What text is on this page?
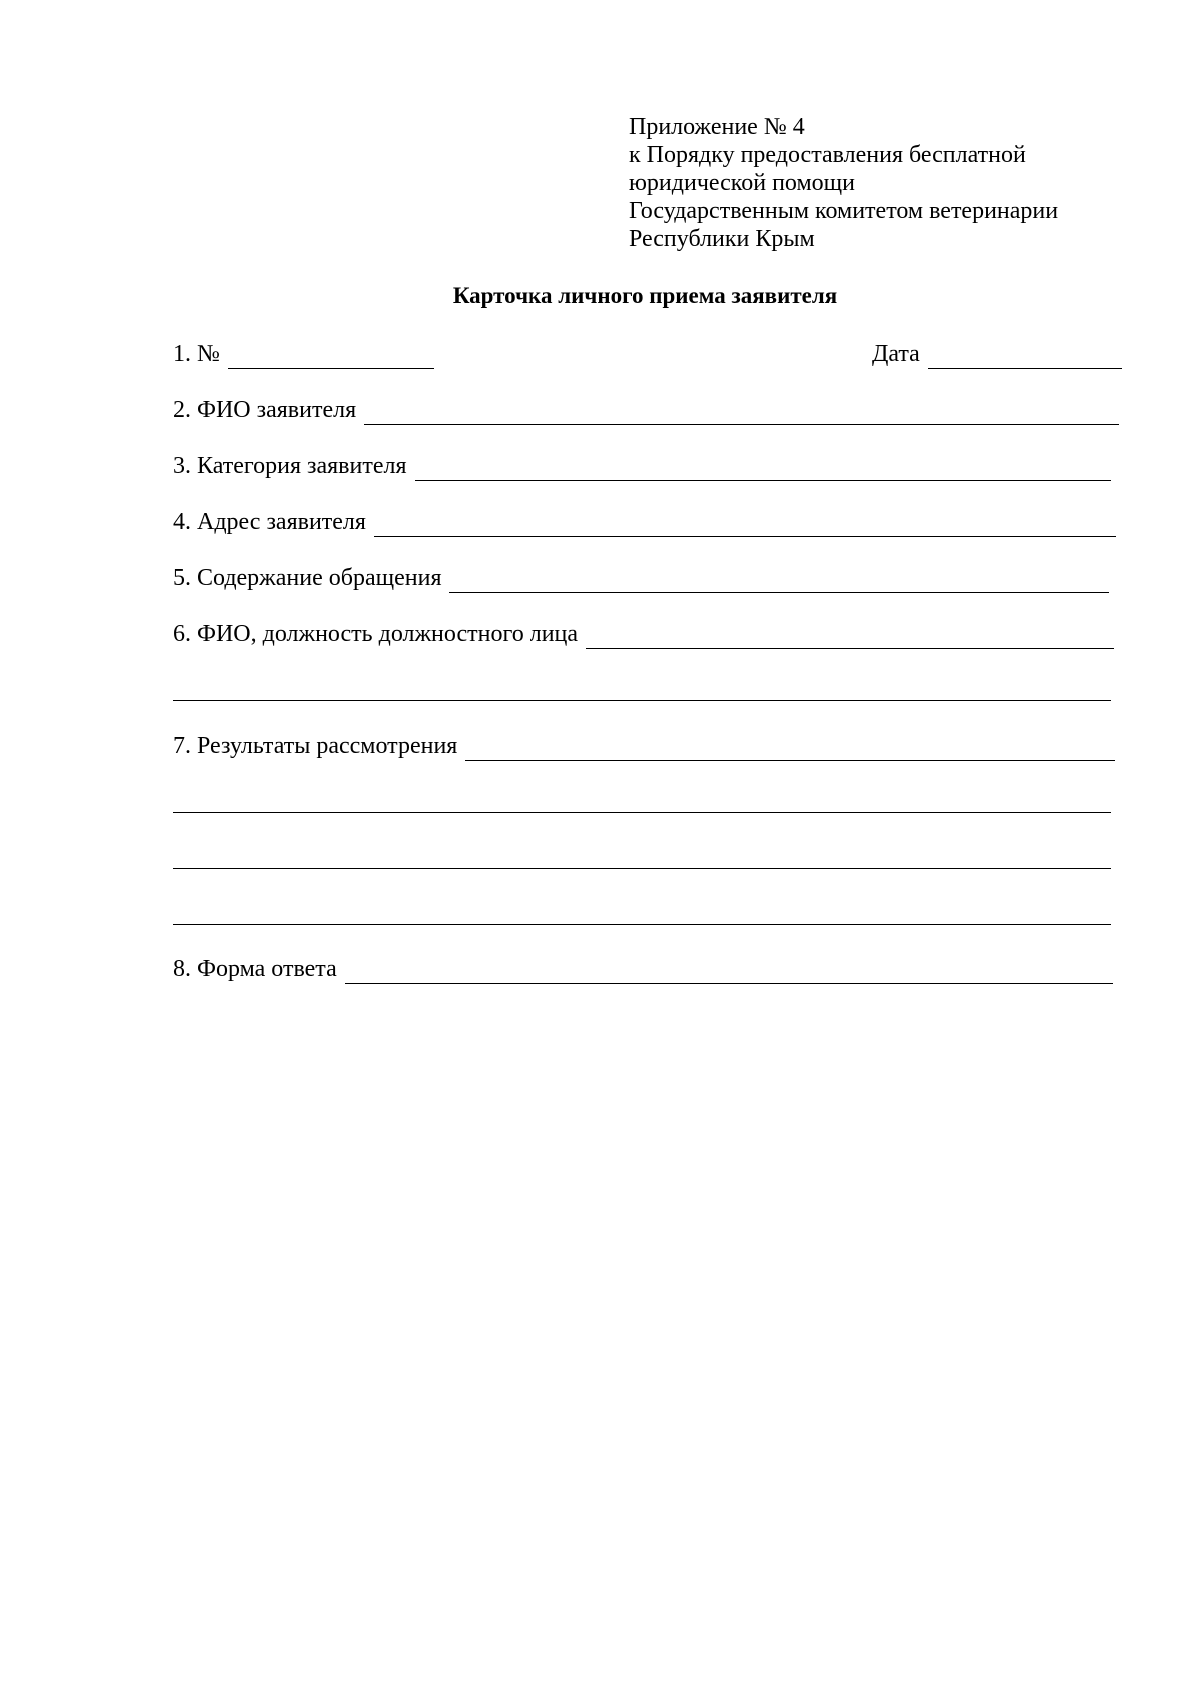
Приложение № 4
к Порядку предоставления бесплатной
юридической помощи
Государственным комитетом ветеринарии
Республики Крым
Карточка личного приема заявителя
1. №	Дата
2. ФИО заявителя
3. Категория заявителя
4. Адрес заявителя
5. Содержание обращения
6. ФИО, должность должностного лица
7. Результаты рассмотрения
8. Форма ответа
